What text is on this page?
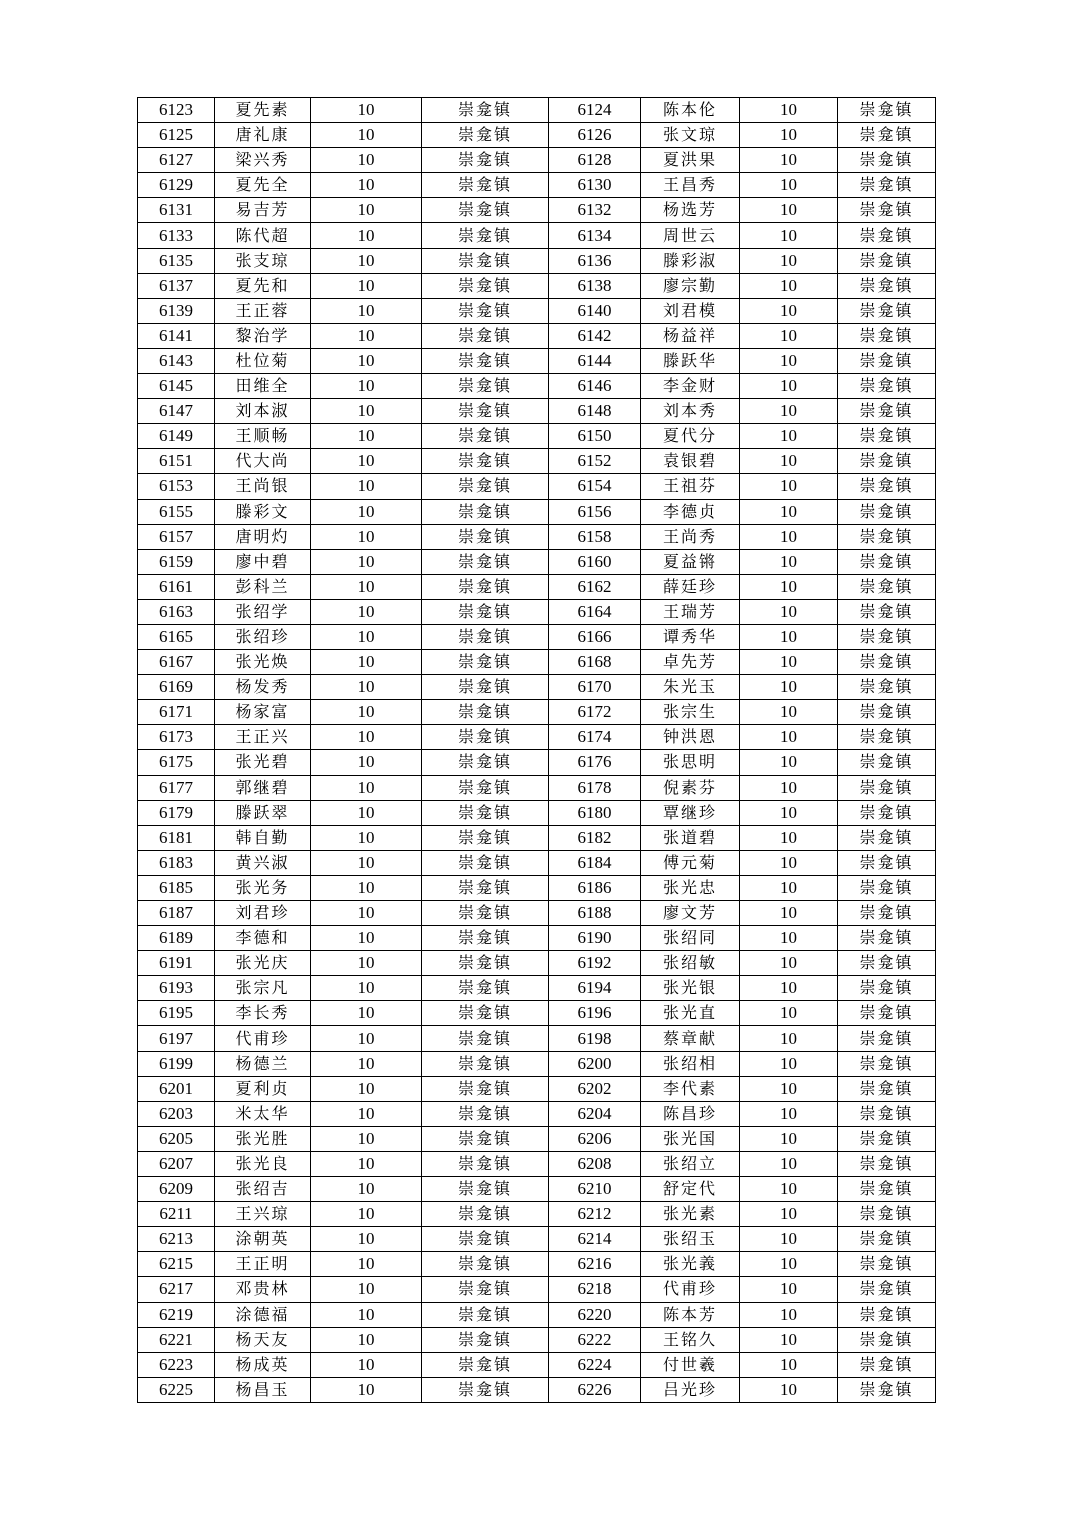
6123	夏先素	10	崇龛镇	6124	陈本伦	10	崇龛镇
6125	唐礼康	10	崇龛镇	6126	张文琼	10	崇龛镇
6127	梁兴秀	10	崇龛镇	6128	夏洪果	10	崇龛镇
6129	夏先全	10	崇龛镇	6130	王昌秀	10	崇龛镇
6131	易吉芳	10	崇龛镇	6132	杨选芳	10	崇龛镇
6133	陈代超	10	崇龛镇	6134	周世云	10	崇龛镇
6135	张支琼	10	崇龛镇	6136	滕彩淑	10	崇龛镇
6137	夏先和	10	崇龛镇	6138	廖宗勤	10	崇龛镇
6139	王正蓉	10	崇龛镇	6140	刘君模	10	崇龛镇
6141	黎治学	10	崇龛镇	6142	杨益祥	10	崇龛镇
6143	杜位菊	10	崇龛镇	6144	滕跃华	10	崇龛镇
6145	田维全	10	崇龛镇	6146	李金财	10	崇龛镇
6147	刘本淑	10	崇龛镇	6148	刘本秀	10	崇龛镇
6149	王顺畅	10	崇龛镇	6150	夏代分	10	崇龛镇
6151	代大尚	10	崇龛镇	6152	袁银碧	10	崇龛镇
6153	王尚银	10	崇龛镇	6154	王祖芬	10	崇龛镇
6155	滕彩文	10	崇龛镇	6156	李德贞	10	崇龛镇
6157	唐明灼	10	崇龛镇	6158	王尚秀	10	崇龛镇
6159	廖中碧	10	崇龛镇	6160	夏益锵	10	崇龛镇
6161	彭科兰	10	崇龛镇	6162	薛廷珍	10	崇龛镇
6163	张绍学	10	崇龛镇	6164	王瑞芳	10	崇龛镇
6165	张绍珍	10	崇龛镇	6166	谭秀华	10	崇龛镇
6167	张光焕	10	崇龛镇	6168	卓先芳	10	崇龛镇
6169	杨发秀	10	崇龛镇	6170	朱光玉	10	崇龛镇
6171	杨家富	10	崇龛镇	6172	张宗生	10	崇龛镇
6173	王正兴	10	崇龛镇	6174	钟洪恩	10	崇龛镇
6175	张光碧	10	崇龛镇	6176	张思明	10	崇龛镇
6177	郭继碧	10	崇龛镇	6178	倪素芬	10	崇龛镇
6179	滕跃翠	10	崇龛镇	6180	覃继珍	10	崇龛镇
6181	韩自勤	10	崇龛镇	6182	张道碧	10	崇龛镇
6183	黄兴淑	10	崇龛镇	6184	傅元菊	10	崇龛镇
6185	张光务	10	崇龛镇	6186	张光忠	10	崇龛镇
6187	刘君珍	10	崇龛镇	6188	廖文芳	10	崇龛镇
6189	李德和	10	崇龛镇	6190	张绍同	10	崇龛镇
6191	张光庆	10	崇龛镇	6192	张绍敏	10	崇龛镇
6193	张宗凡	10	崇龛镇	6194	张光银	10	崇龛镇
6195	李长秀	10	崇龛镇	6196	张光直	10	崇龛镇
6197	代甫珍	10	崇龛镇	6198	蔡章献	10	崇龛镇
6199	杨德兰	10	崇龛镇	6200	张绍相	10	崇龛镇
6201	夏利贞	10	崇龛镇	6202	李代素	10	崇龛镇
6203	米太华	10	崇龛镇	6204	陈昌珍	10	崇龛镇
6205	张光胜	10	崇龛镇	6206	张光国	10	崇龛镇
6207	张光良	10	崇龛镇	6208	张绍立	10	崇龛镇
6209	张绍吉	10	崇龛镇	6210	舒定代	10	崇龛镇
6211	王兴琼	10	崇龛镇	6212	张光素	10	崇龛镇
6213	涂朝英	10	崇龛镇	6214	张绍玉	10	崇龛镇
6215	王正明	10	崇龛镇	6216	张光義	10	崇龛镇
6217	邓贵林	10	崇龛镇	6218	代甫珍	10	崇龛镇
6219	涂德福	10	崇龛镇	6220	陈本芳	10	崇龛镇
6221	杨天友	10	崇龛镇	6222	王铭久	10	崇龛镇
6223	杨成英	10	崇龛镇	6224	付世羲	10	崇龛镇
6225	杨昌玉	10	崇龛镇	6226	吕光珍	10	崇龛镇
